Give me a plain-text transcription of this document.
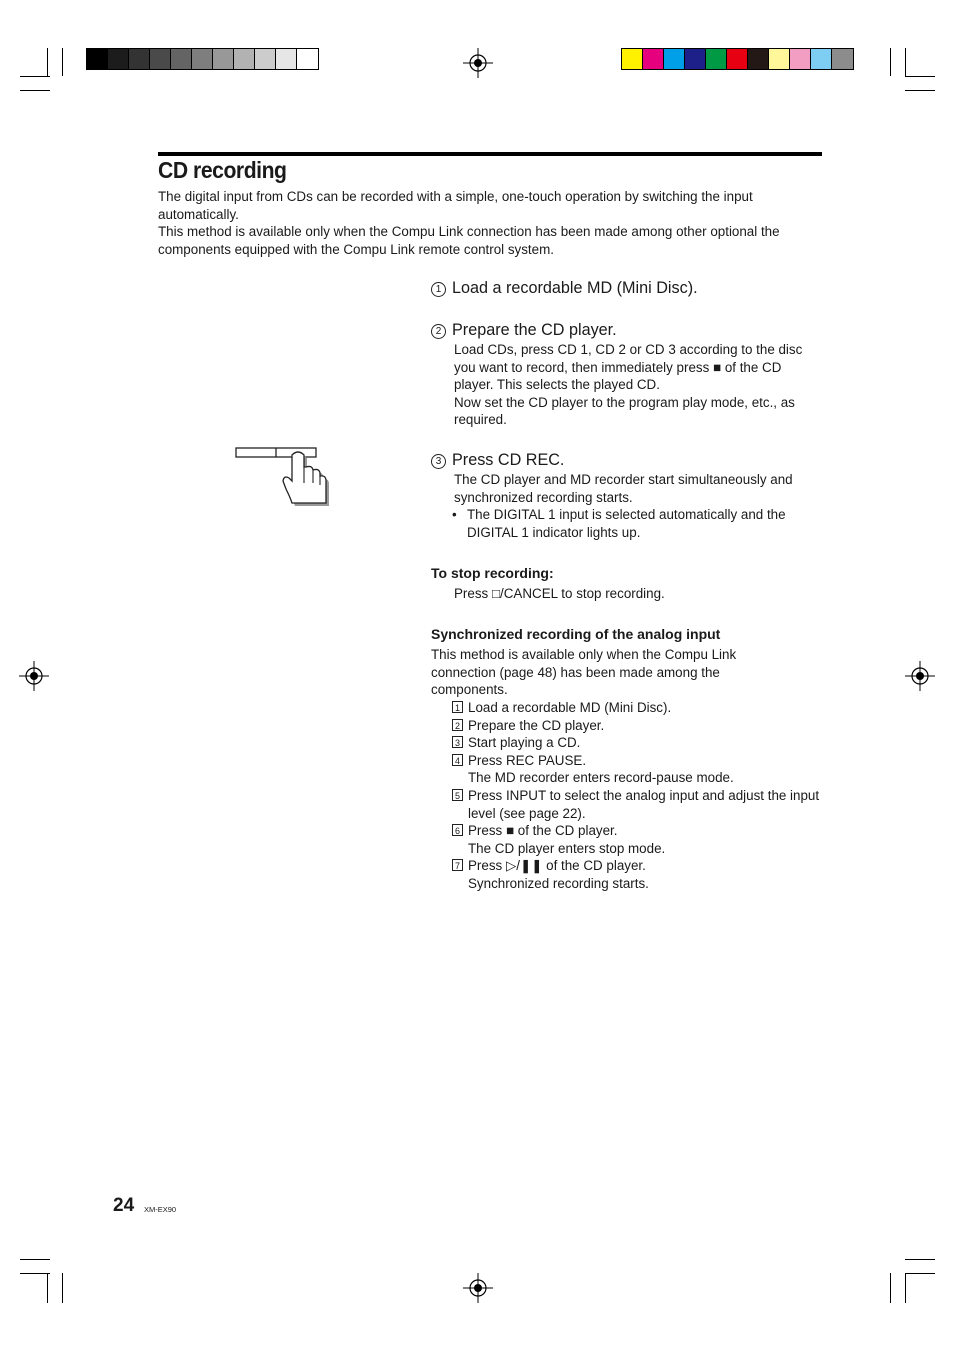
CD recording

The digital input from CDs can be recorded with a simple, one-touch operation by switching the input automatically.

This method is available only when the Compu Link connection has been made among other optional the components equipped with the Compu Link remote control system.

1 Load a recordable MD (Mini Disc).
2 Prepare the CD player.

Load CDs, press CD 1, CD 2 or CD 3 according to the disc you want to record, then immediately press ■ of the CD player. This selects the played CD.

Now set the CD player to the program play mode, etc., as required.

3 Press CD REC.

The CD player and MD recorder start simultaneously and synchronized recording starts.

• The DIGITAL 1 input is selected automatically and the DIGITAL 1 indicator lights up.
To stop recording:
Press □/CANCEL to stop recording.
Synchronized recording of the analog input

This method is available only when the Compu Link connection (page 48) has been made among the components.

1 Load a recordable MD (Mini Disc).
2 Prepare the CD player.
3 Start playing a CD.
4 Press REC PAUSE.
The MD recorder enters record-pause mode.
5 Press INPUT to select the analog input and adjust the input level (see page 22).
6 Press ■ of the CD player.
The CD player enters stop mode.
7 Press ▷/❚❚ of the CD player.
Synchronized recording starts.
24 XM-EX90
